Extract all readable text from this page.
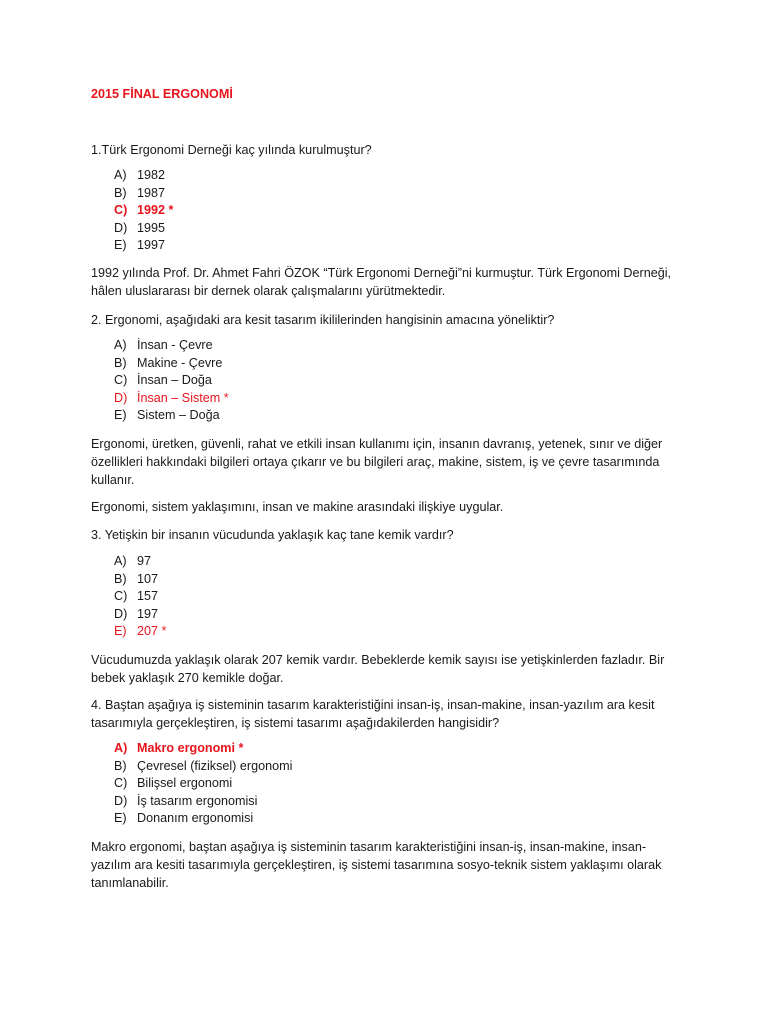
2015 FİNAL ERGONOMİ

1.Türk Ergonomi Derneği kaç yılında kurulmuştur?

A) 1982
B) 1987
C) 1992 *
D) 1995
E) 1997

1992 yılında Prof. Dr. Ahmet Fahri ÖZOK “Türk Ergonomi Derneği”ni kurmuştur. Türk Ergonomi Derneği, hâlen uluslararası bir dernek olarak çalışmalarını yürütmektedir.

2. Ergonomi, aşağıdaki ara kesit tasarım ikililerinden hangisinin amacına yöneliktir?

A) İnsan - Çevre
B) Makine - Çevre
C) İnsan – Doğa
D) İnsan – Sistem *
E) Sistem – Doğa

Ergonomi, üretken, güvenli, rahat ve etkili insan kullanımı için, insanın davranış, yetenek, sınır ve diğer özellikleri hakkındaki bilgileri ortaya çıkarır ve bu bilgileri araç, makine, sistem, iş ve çevre tasarımında kullanır.

Ergonomi, sistem yaklaşımını, insan ve makine arasındaki ilişkiye uygular.

3. Yetişkin bir insanın vücudunda yaklaşık kaç tane kemik vardır?

A) 97
B) 107
C) 157
D) 197
E) 207 *

Vücudumuzda yaklaşık olarak 207 kemik vardır. Bebeklerde kemik sayısı ise yetişkinlerden fazladır. Bir bebek yaklaşık 270 kemikle doğar.

4. Baştan aşağıya iş sisteminin tasarım karakteristiğini insan-iş, insan-makine, insan-yazılım ara kesit tasarımıyla gerçekleştiren, iş sistemi tasarımı aşağıdakilerden hangisidir?

A) Makro ergonomi *
B) Çevresel (fiziksel) ergonomi
C) Bilişsel ergonomi
D) İş tasarım ergonomisi
E) Donanım ergonomisi

Makro ergonomi, baştan aşağıya iş sisteminin tasarım karakteristiğini insan-iş, insan-makine, insan-yazılım ara kesiti tasarımıyla gerçekleştiren, iş sistemi tasarımına sosyo-teknik sistem yaklaşımı olarak tanımlanabilir.
